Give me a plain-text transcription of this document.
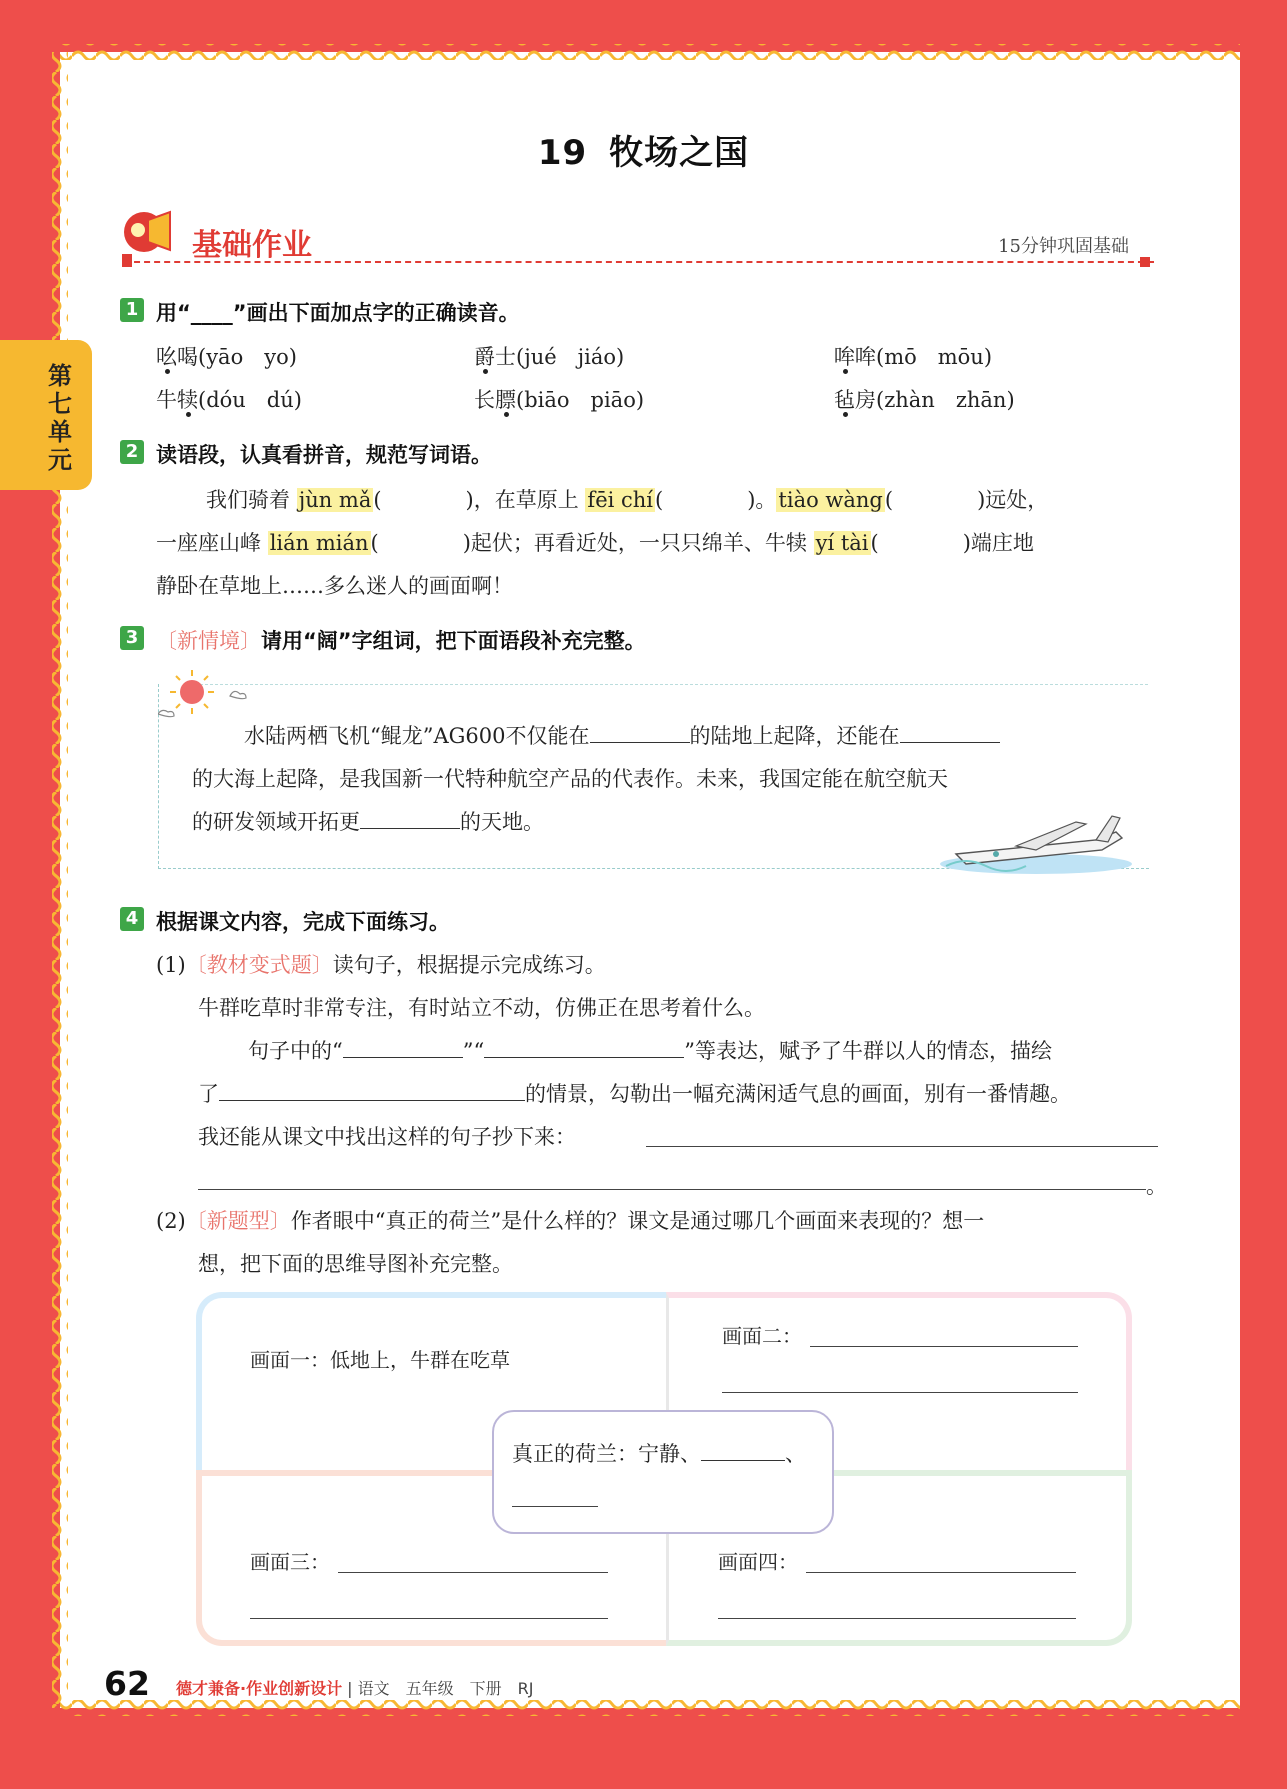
第七单元
19 牧场之国
基础作业	15分钟巩固基础
1 用“____”画出下面加点字的正确读音。
吆喝(yāo　yo)	爵士(jué　jiáo)	哞哞(mō　mōu)
牛犊(dóu　dú)	长膘(biāo　piāo)	毡房(zhàn　zhān)
2 读语段，认真看拼音，规范写词语。
我们骑着 jùn mǎ(　　　　)，在草原上 fēi chí(　　　　)。tiào wàng(　　　　)远处，
一座座山峰 lián mián(　　　　)起伏；再看近处，一只只绵羊、牛犊 yí tài(　　　　)端庄地
静卧在草地上……多么迷人的画面啊！
3 〔新情境〕请用“阔”字组词，把下面语段补充完整。
水陆两栖飞机“鲲龙”AG600不仅能在	的陆地上起降，还能在
的大海上起降，是我国新一代特种航空产品的代表作。未来，我国定能在航空航天
的研发领域开拓更	的天地。
4 根据课文内容，完成下面练习。
(1)〔教材变式题〕读句子，根据提示完成练习。
牛群吃草时非常专注，有时站立不动，仿佛正在思考着什么。
句子中的“	”“	”等表达，赋予了牛群以人的情态，描绘
了	的情景，勾勒出一幅充满闲适气息的画面，别有一番情趣。
我还能从课文中找出这样的句子抄下来：
。
(2)〔新题型〕作者眼中“真正的荷兰”是什么样的？课文是通过哪几个画面来表现的？想一
想，把下面的思维导图补充完整。
画面一：低地上，牛群在吃草
画面二：
画面三：	画面四：
真正的荷兰：宁静、	、
62 德才兼备·作业创新设计 | 语文　五年级　下册　RJ
